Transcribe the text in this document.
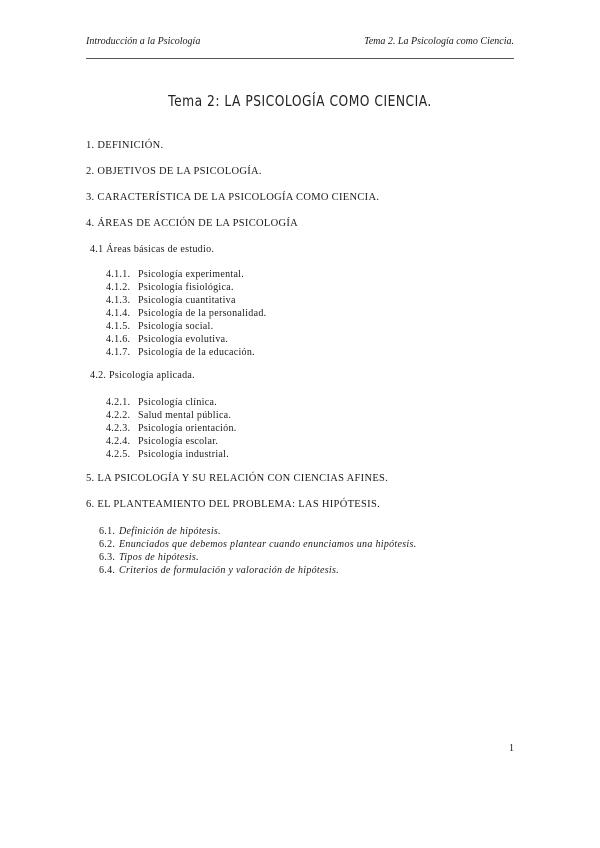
Introducción a la Psicología	Tema 2. La Psicología como Ciencia.
Tema 2: LA PSICOLOGÍA COMO CIENCIA.
1. DEFINICIÓN.
2. OBJETIVOS DE LA PSICOLOGÍA.
3. CARACTERÍSTICA DE LA PSICOLOGÍA COMO CIENCIA.
4. ÁREAS DE ACCIÓN DE LA PSICOLOGÍA
4.1 Áreas básicas de estudio.
4.1.1. Psicología experimental.
4.1.2. Psicología fisiológica.
4.1.3. Psicología cuantitativa
4.1.4. Psicología de la personalidad.
4.1.5. Psicología social.
4.1.6. Psicología evolutiva.
4.1.7. Psicología de la educación.
4.2. Psicología aplicada.
4.2.1. Psicología clínica.
4.2.2. Salud mental pública.
4.2.3. Psicología orientación.
4.2.4. Psicología escolar.
4.2.5. Psicología industrial.
5. LA PSICOLOGÍA Y SU RELACIÓN CON CIENCIAS AFINES.
6. EL PLANTEAMIENTO DEL PROBLEMA: LAS HIPÓTESIS.
6.1. Definición de hipótesis.
6.2. Enunciados que debemos plantear cuando enunciamos una hipótesis.
6.3. Tipos de hipótesis.
6.4. Criterios de formulación y valoración de hipótesis.
1
